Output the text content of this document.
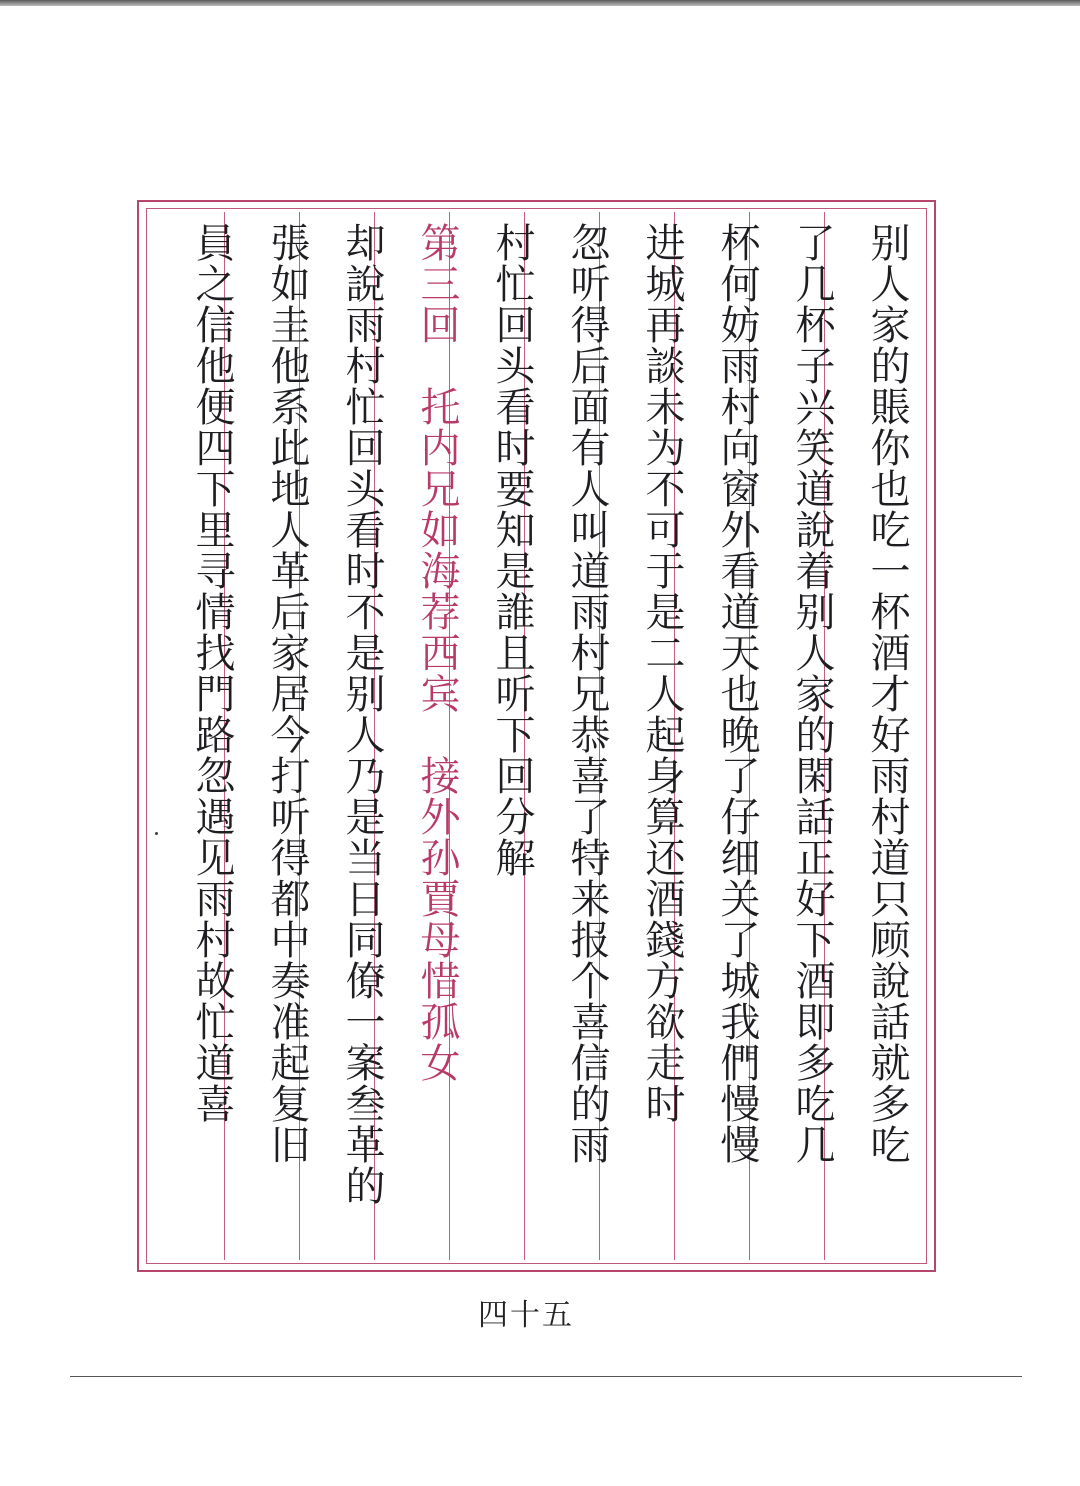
别人家的賬你也吃一杯酒才好雨村道只顾說話就多吃
了几杯子兴笑道說着别人家的閑話正好下酒即多吃几
杯何妨雨村向窗外看道天也晚了仔细关了城我們慢慢
进城再談未为不可于是二人起身算还酒錢方欲走时
忽听得后面有人叫道雨村兄恭喜了特来报个喜信的雨
村忙回头看时要知是誰且听下回分解
第三回　托内兄如海荐西宾　接外孙賈母惜孤女
却說雨村忙回头看时不是别人乃是当日同僚一案叁革的
張如圭他系此地人革后家居今打听得都中奏准起复旧
員之信他便四下里寻情找門路忽遇见雨村故忙道喜
四十五
